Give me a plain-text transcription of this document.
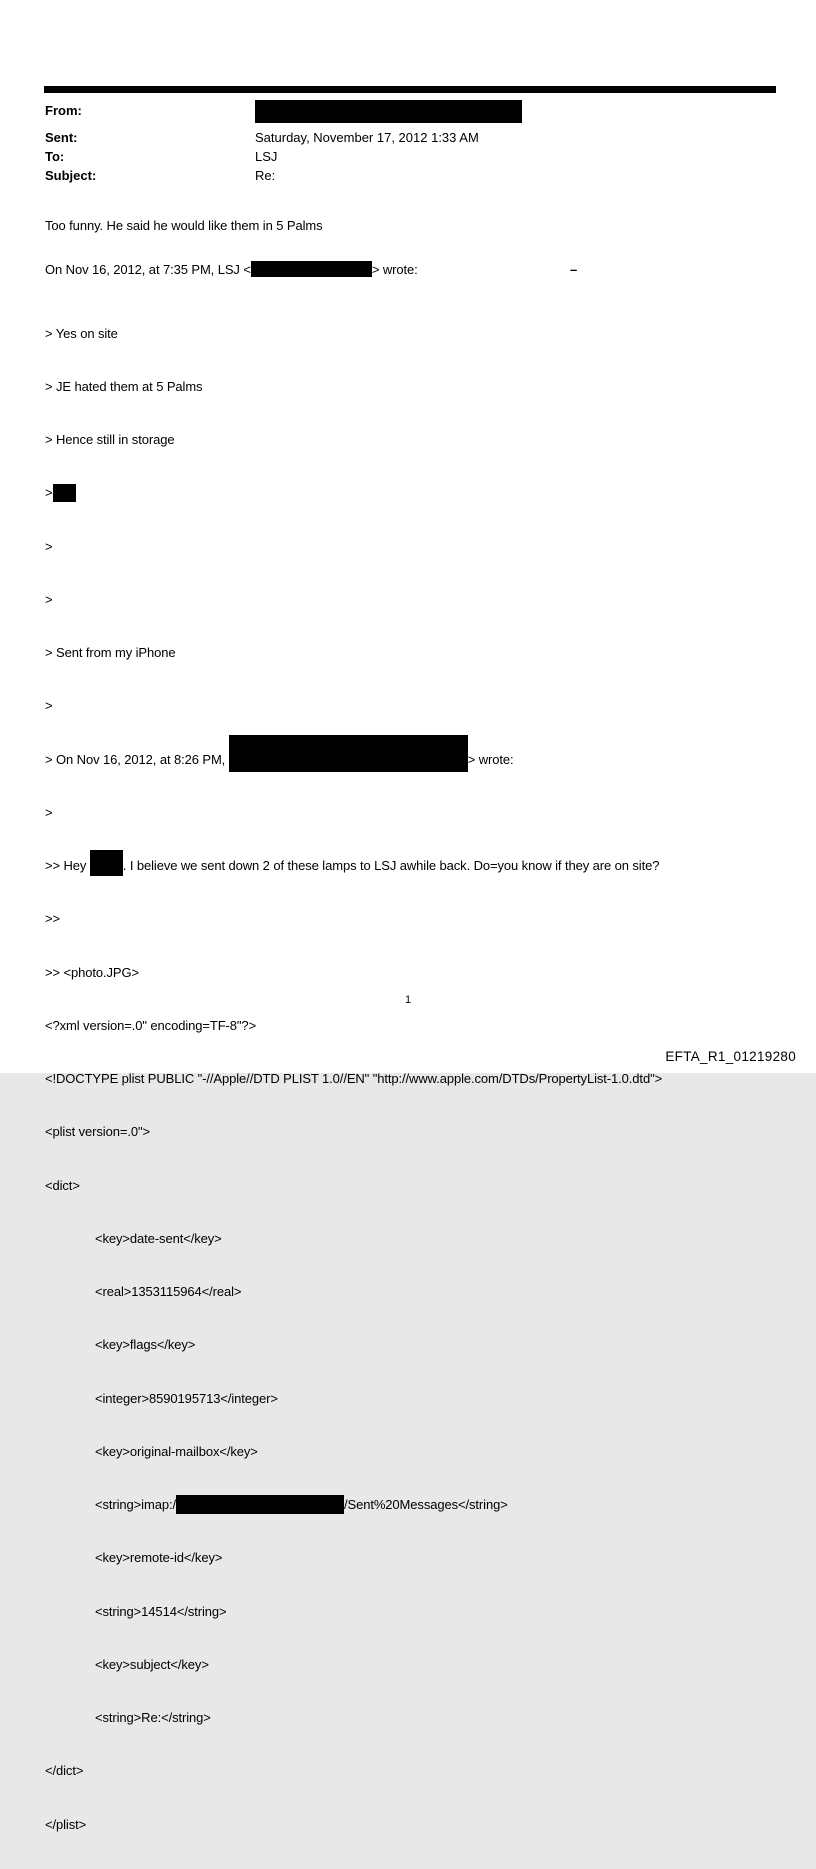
From:
Sent:	Saturday, November 17, 2012 1:33 AM
To:	LSJ
Subject:	Re:
Too funny. He said he would like them in 5 Palms
On Nov 16, 2012, at 7:35 PM, LSJ <	> wrote:	–

> Yes on site

> JE hated them at 5 Palms

> Hence still in storage

>

>

>

> Sent from my iPhone

>

> On Nov 16, 2012, at 8:26 PM,	> wrote:

>

>> Hey	. I believe we sent down 2 of these lamps to LSJ awhile back. Do=you know if they are on site?

>>

>> <photo.JPG>

<?xml version=.0" encoding=TF-8"?>

<!DOCTYPE plist PUBLIC "-//Apple//DTD PLIST 1.0//EN" "http://www.apple.com/DTDs/PropertyList-1.0.dtd">

<plist version=.0">

<dict>

<key>date-sent</key>

<real>1353115964</real>

<key>flags</key>

<integer>8590195713</integer>

<key>original-mailbox</key>

<string>imap:/	/Sent%20Messages</string>

<key>remote-id</key>

<string>14514</string>

<key>subject</key>

<string>Re:</string>

</dict>

</plist>

1
EFTA_R1_01219280
